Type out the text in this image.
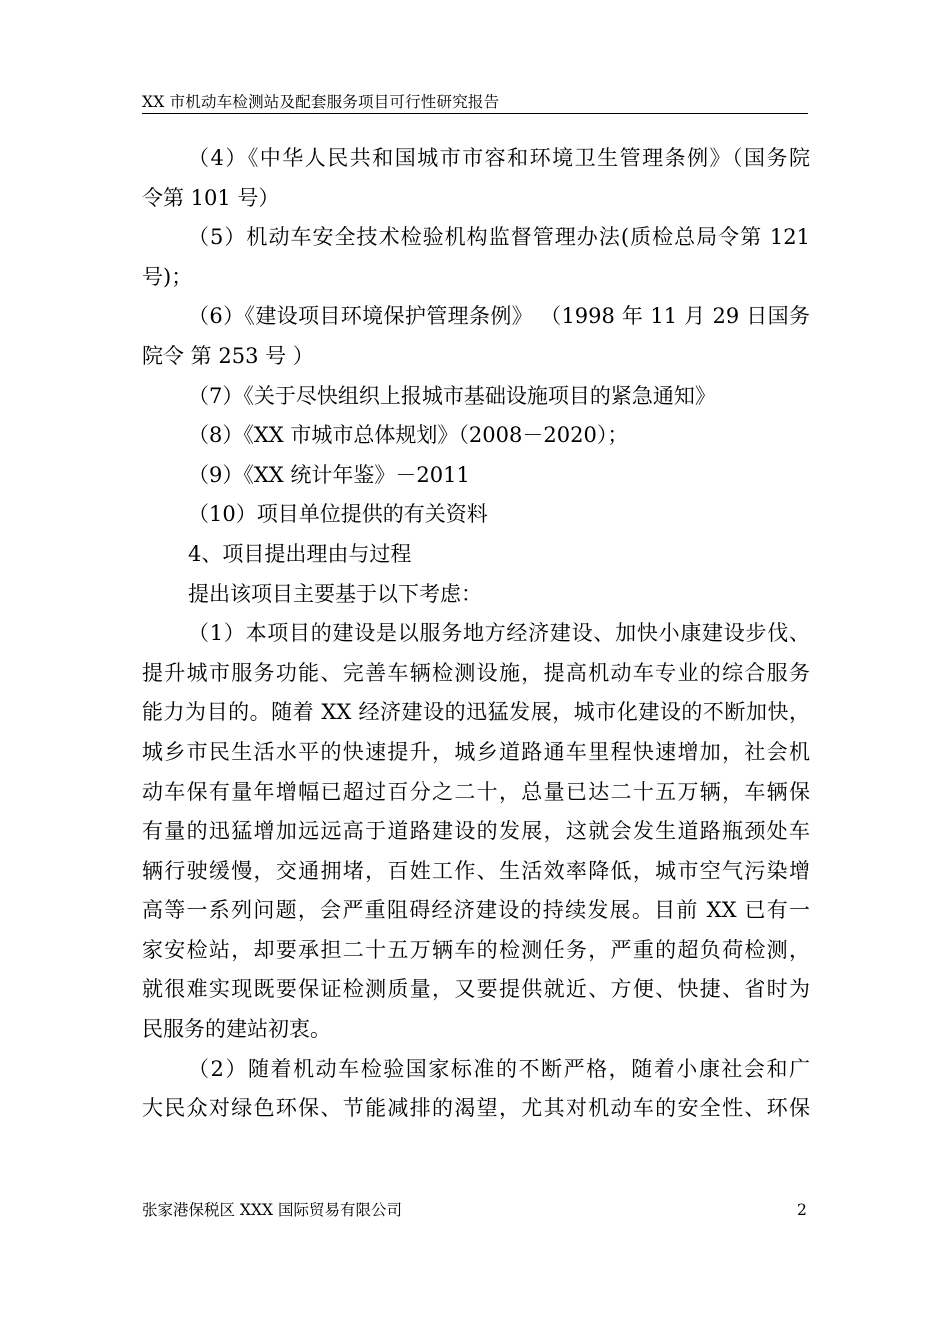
XX 市机动车检测站及配套服务项目可行性研究报告
（4）《中华人民共和国城市市容和环境卫生管理条例》（国务院
令第 101 号）
（5）机动车安全技术检验机构监督管理办法(质检总局令第 121
号)；
（6）《建设项目环境保护管理条例》 （1998 年 11 月 29 日国务
院令 第 253 号 ）
（7）《关于尽快组织上报城市基础设施项目的紧急通知》
（8）《XX 市城市总体规划》（2008－2020）；
（9）《XX 统计年鉴》－2011
（10）项目单位提供的有关资料
4、项目提出理由与过程
提出该项目主要基于以下考虑：
（1）本项目的建设是以服务地方经济建设、加快小康建设步伐、
提升城市服务功能、完善车辆检测设施，提高机动车专业的综合服务
能力为目的。随着 XX 经济建设的迅猛发展，城市化建设的不断加快，
城乡市民生活水平的快速提升，城乡道路通车里程快速增加，社会机
动车保有量年增幅已超过百分之二十，总量已达二十五万辆，车辆保
有量的迅猛增加远远高于道路建设的发展，这就会发生道路瓶颈处车
辆行驶缓慢，交通拥堵，百姓工作、生活效率降低，城市空气污染增
高等一系列问题，会严重阻碍经济建设的持续发展。目前 XX 已有一
家安检站，却要承担二十五万辆车的检测任务，严重的超负荷检测，
就很难实现既要保证检测质量，又要提供就近、方便、快捷、省时为
民服务的建站初衷。
（2）随着机动车检验国家标准的不断严格，随着小康社会和广
大民众对绿色环保、节能减排的渴望，尤其对机动车的安全性、环保
张家港保税区 XXX 国际贸易有限公司	2
